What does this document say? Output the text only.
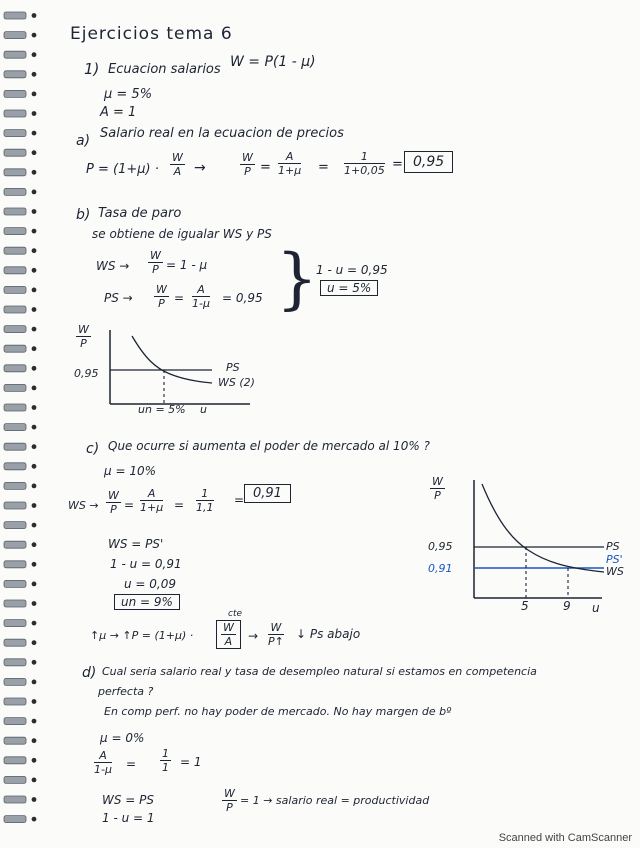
Ejercicios tema 6
1) Ecuacion salarios W = P(1 - μ)
μ = 5%
A = 1
a) Salario real en la ecuacion de precios
$P = (1+\mu) \cdot \frac{W}{A}$ →	$\frac{W}{P} = \frac{A}{1+\mu} = \frac{1}{1+0,05} = 0,95$
b) Tasa de paro
se obtiene de igualar WS y PS
WS → $\frac{W}{P} = 1 - \mu$
PS → $\frac{W}{P} = \frac{A}{1-\mu} = 0,95$ }
1 - u = 0,95
u = 5%
$\frac{W}{P}$
0,95	PS
WS (2)
un = 5% u
c) Que ocurre si aumenta el poder de mercado al 10% ?
μ = 10%
WS → $\frac{W}{P} = \frac{A}{1+\mu} = \frac{1}{1,1} = 0,91$
WS = PS'
1 - u = 0,91
u = 0,09
un = 9%
↑μ → ↑P = (1+μ) ·
cte
$\frac{W}{A} \to \frac{W}{P↑}$ ↓ Ps abajo
$\frac{W}{P}$
0,95
0,91
PS
PS'
WS
5	9 u
d) Cual seria salario real y tasa de desempleo natural si estamos en competencia
perfecta ?
En comp perf. no hay poder de mercado. No hay margen de bº
μ = 0%
$\frac{A}{1-\mu} = \frac{1}{1} = 1$
WS = PS
1 - u = 1
$\frac{W}{P} = 1$ → salario real = productividad
Scanned with CamScanner
